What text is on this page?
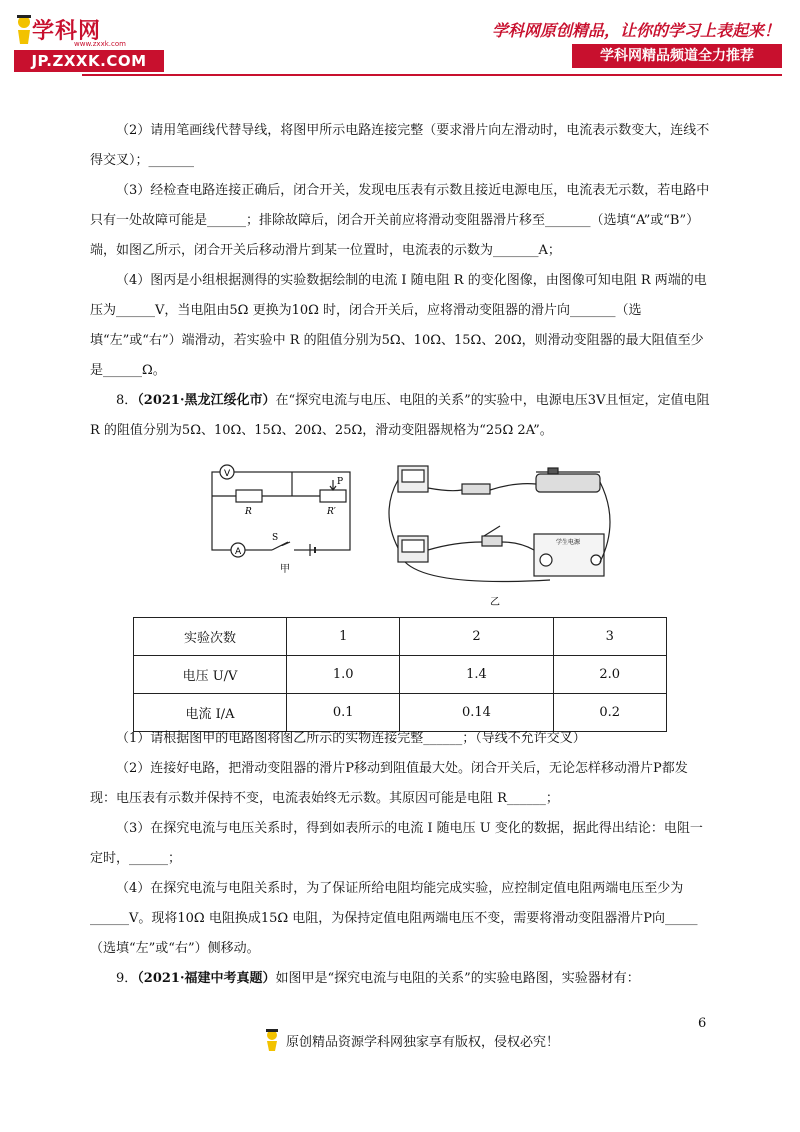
学科网
www.zxxk.com
JP.ZXXK.COM
学科网原创精品，让你的学习上表起来！
学科网精品频道全力推荐

（2）请用笔画线代替导线，将图甲所示电路连接完整（要求滑片向左滑动时，电流表示数变大，连线不得交叉）；_______

（3）经检查电路连接正确后，闭合开关，发现电压表有示数且接近电源电压，电流表无示数，若电路中只有一处故障可能是______；排除故障后，闭合开关前应将滑动变阻器滑片移至_______（选填“A”或“B”）端，如图乙所示，闭合开关后移动滑片到某一位置时，电流表的示数为_______A；

（4）图丙是小组根据测得的实验数据绘制的电流 I 随电阻 R 的变化图像，由图像可知电阻 R 两端的电压为______V，当电阻由5Ω 更换为10Ω 时，闭合开关后，应将滑动变阻器的滑片向_______（选填“左”或“右”）端滑动，若实验中 R 的阻值分别为5Ω、10Ω、15Ω、20Ω，则滑动变阻器的最大阻值至少是______Ω。

8．（2021·黑龙江绥化市）在“探究电流与电压、电阻的关系”的实验中，电源电压3V且恒定，定值电阻 R 的阻值分别为5Ω、10Ω、15Ω、20Ω、25Ω，滑动变阻器规格为“25Ω 2A”。

V
A
R	R′
P
S
甲
学生电源
乙
实验次数	1	2	3
电压 U/V	1.0	1.4	2.0
电流 I/A	0.1	0.14	0.2

（1）请根据图甲的电路图将图乙所示的实物连接完整______；（导线不允许交叉）

（2）连接好电路，把滑动变阻器的滑片P移动到阻值最大处。闭合开关后，无论怎样移动滑片P都发现：电压表有示数并保持不变，电流表始终无示数。其原因可能是电阻 R______；

（3）在探究电流与电压关系时，得到如表所示的电流 I 随电压 U 变化的数据，据此得出结论：电阻一定时，______；

（4）在探究电流与电阻关系时，为了保证所给电阻均能完成实验，应控制定值电阻两端电压至少为______V。现将10Ω 电阻换成15Ω 电阻，为保持定值电阻两端电压不变，需要将滑动变阻器滑片P向_____（选填“左”或“右”）侧移动。

9．（2021·福建中考真题）如图甲是“探究电流与电阻的关系”的实验电路图，实验器材有：

6
原创精品资源学科网独家享有版权，侵权必究！
